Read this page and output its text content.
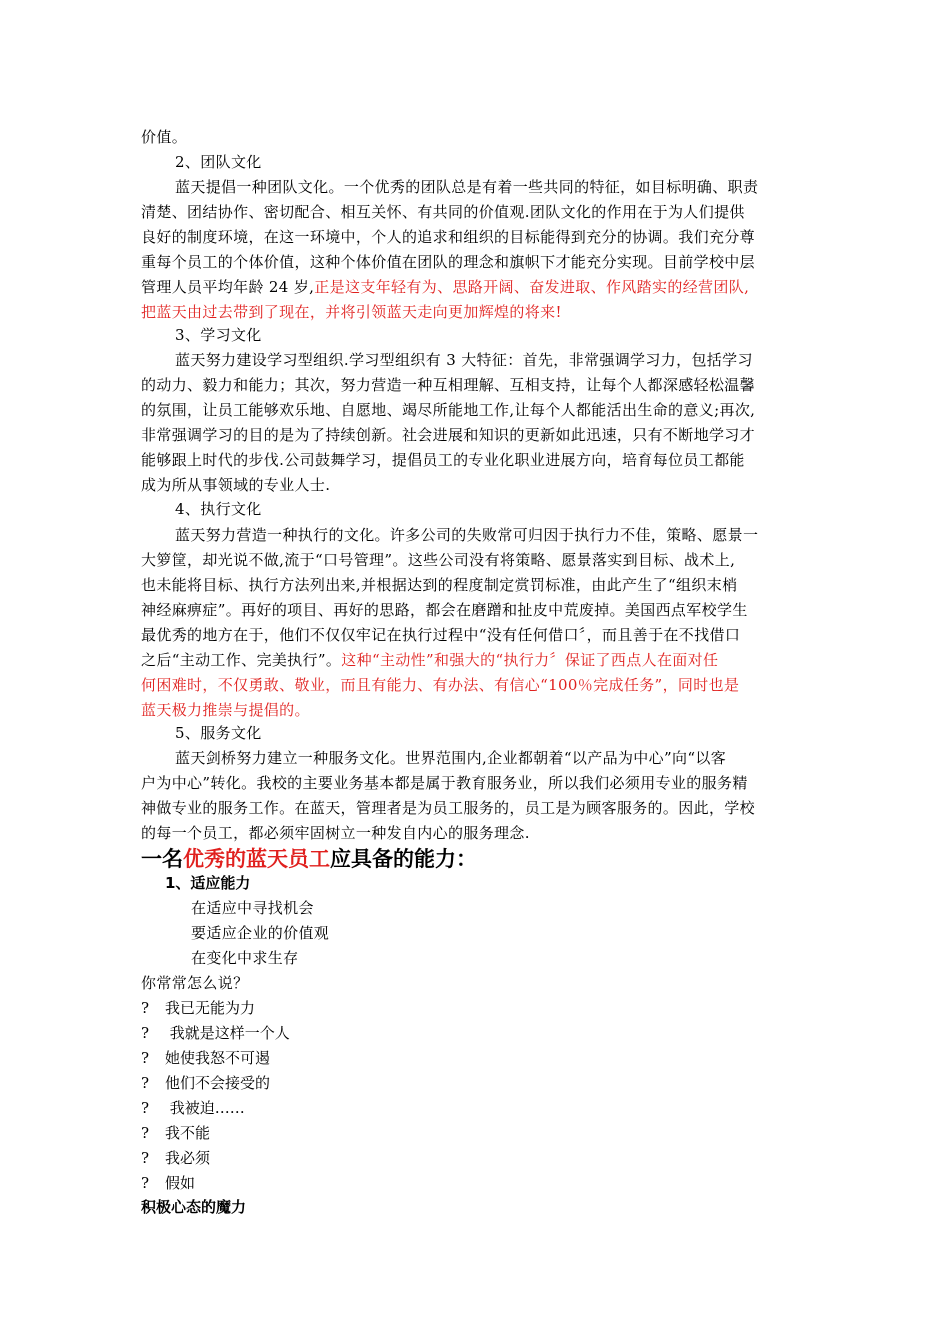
价值。
2、团队文化
3、学习文化
4、执行文化
5、服务文化
一名优秀的蓝天员工应具备的能力：
1、适应能力
在适应中寻找机会
要适应企业的价值观
在变化中求生存
你常常怎么说？
? 我已无能为力
? 我就是这样一个人
? 她使我怒不可遏
? 他们不会接受的
? 我被迫……
? 我不能
? 我必须
? 假如
积极心态的魔力
蓝天提倡一种团队文化。一个优秀的团队总是有着一些共同的特征，如目标明确、职责
清楚、团结协作、密切配合、相互关怀、有共同的价值观.团队文化的作用在于为人们提供
良好的制度环境，在这一环境中，个人的追求和组织的目标能得到充分的协调。我们充分尊
重每个员工的个体价值，这种个体价值在团队的理念和旗帜下才能充分实现。目前学校中层
管理人员平均年龄 24 岁,正是这支年轻有为、思路开阔、奋发进取、作风踏实的经营团队,
把蓝天由过去带到了现在，并将引领蓝天走向更加辉煌的将来!
蓝天努力建设学习型组织.学习型组织有 3 大特征：首先，非常强调学习力，包括学习
的动力、毅力和能力；其次，努力营造一种互相理解、互相支持，让每个人都深感轻松温馨
的氛围，让员工能够欢乐地、自愿地、竭尽所能地工作,让每个人都能活出生命的意义;再次,
非常强调学习的目的是为了持续创新。社会进展和知识的更新如此迅速，只有不断地学习才
能够跟上时代的步伐.公司鼓舞学习，提倡员工的专业化职业进展方向，培育每位员工都能
成为所从事领域的专业人士.
蓝天努力营造一种执行的文化。许多公司的失败常可归因于执行力不佳，策略、愿景一
大箩筐，却光说不做,流于“口号管理”。这些公司没有将策略、愿景落实到目标、战术上,
也未能将目标、执行方法列出来,并根据达到的程度制定赏罚标准，由此产生了“组织末梢
神经麻痹症”。再好的项目、再好的思路，都会在磨蹭和扯皮中荒废掉。美国西点军校学生
最优秀的地方在于，他们不仅仅牢记在执行过程中“没有任何借口〞，而且善于在不找借口
之后“主动工作、完美执行”。这种“主动性”和强大的“执行力〞保证了西点人在面对任
何困难时，不仅勇敢、敬业，而且有能力、有办法、有信心“100％完成任务”，同时也是
蓝天极力推崇与提倡的。
蓝天剑桥努力建立一种服务文化。世界范围内,企业都朝着“以产品为中心”向“以客
户为中心”转化。我校的主要业务基本都是属于教育服务业，所以我们必须用专业的服务精
神做专业的服务工作。在蓝天，管理者是为员工服务的，员工是为顾客服务的。因此，学校
的每一个员工，都必须牢固树立一种发自内心的服务理念.
